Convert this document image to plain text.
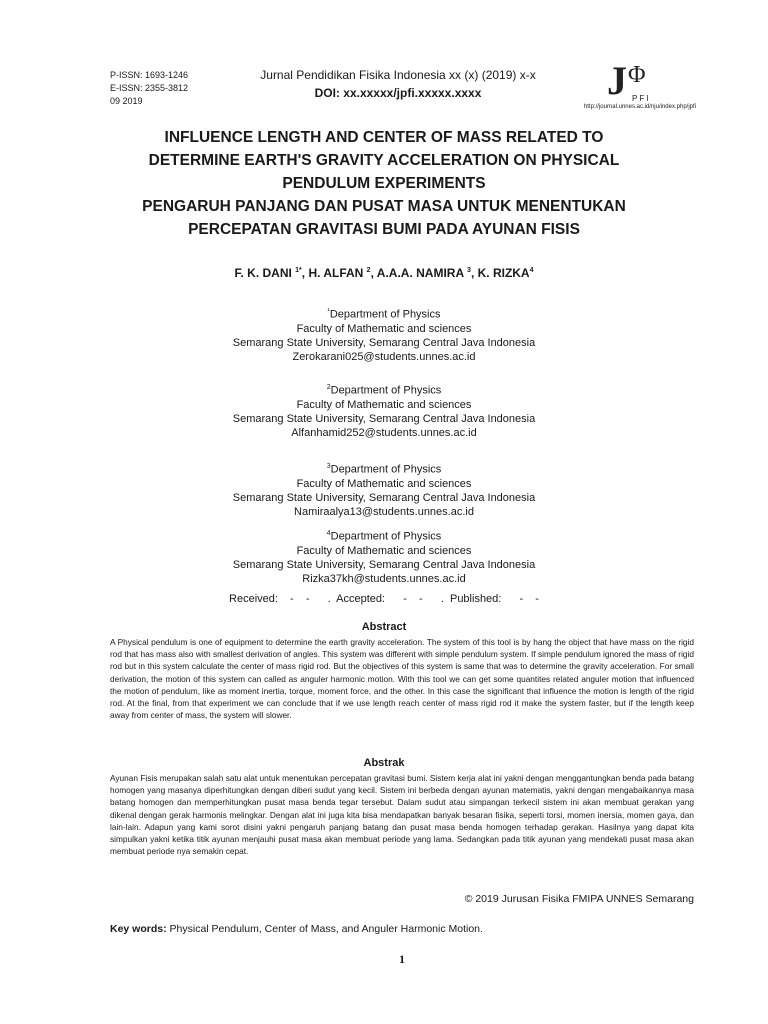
P-ISSN: 1693-1246
E-ISSN: 2355-3812
09 2019
Jurnal Pendidikan Fisika Indonesia xx (x) (2019) x-x
DOI: xx.xxxxx/jpfi.xxxxx.xxxx	J Φ
PFI
http://journal.unnes.ac.id/nju/index.php/jpfi
INFLUENCE LENGTH AND CENTER OF MASS RELATED TO
DETERMINE EARTH'S GRAVITY ACCELERATION ON PHYSICAL
PENDULUM EXPERIMENTS
PENGARUH PANJANG DAN PUSAT MASA UNTUK MENENTUKAN
PERCEPATAN GRAVITASI BUMI PADA AYUNAN FISIS
F. K. DANI $^{1*}$, H. ALFAN $^2$, A.A.A. NAMIRA $^3$, K. RIZKA$^4$
$^{^1}$Department of Physics
Faculty of Mathematic and sciences
Semarang State University, Semarang Central Java Indonesia
Zerokarani025@students.unnes.ac.id
$^2$Department of Physics
Faculty of Mathematic and sciences
Semarang State University, Semarang Central Java Indonesia
Alfanhamid252@students.unnes.ac.id
$^3$Department of Physics
Faculty of Mathematic and sciences
Semarang State University, Semarang Central Java Indonesia
Namiraalya13@students.unnes.ac.id
$^4$Department of Physics
Faculty of Mathematic and sciences
Semarang State University, Semarang Central Java Indonesia
Rizka37kh@students.unnes.ac.id
Received:  -  -   . Accepted:   -  -   . Published:   -  -
Abstract
A Physical pendulum is one of equipment to determine the earth gravity acceleration. The system of this tool is by hang the object that have mass on the rigid rod that has mass also with smallest derivation of angles. This system was different with simple pendulum system. If simple pendulum ignored the mass of rigid rod but in this system calculate the center of mass rigid rod. But the objectives of this system is same that was to determine the gravity acceleration. For small derivation, the motion of this system can called as anguler harmonic motion. With this tool we can get some quantites related anguler motion that influenced the motion of pendulum, like as moment inertia, torque, moment force, and the other. In this case the significant that influence the motion is length of the rigid rod. At the final, from that experiment we can conclude that if we use length reach center of mass rigid rod it make the system faster, but if the length keep away from center of mass, the system will slower.
Abstrak
Ayunan Fisis merupakan salah satu alat untuk menentukan percepatan gravitasi bumi. Sistem kerja alat ini yakni dengan menggantungkan benda pada batang homogen yang masanya diperhitungkan dengan diberi sudut yang kecil. Sistem ini berbeda dengan ayunan matematis, yakni dengan mengabaikannya masa batang homogen dan memperhitungkan pusat masa benda tegar tersebut. Dalam sudut atau simpangan terkecil sistem ini akan membuat gerakan yang dikenal dengan gerak harmonis melingkar. Dengan alat ini juga kita bisa mendapatkan banyak besaran fisika, seperti torsi, momen inersia, momen gaya, dan lain-lain. Adapun yang kami sorot disini yakni pengaruh panjang batang dan pusat masa benda homogen terhadap gerakan. Hasilnya yang dapat kita simpulkan yakni ketika titik ayunan menjauhi pusat masa akan membuat periode yang lama. Sedangkan pada titik ayunan yang mendekati pusat masa akan membuat periode nya semakin cepat.
© 2019 Jurusan Fisika FMIPA UNNES Semarang
Key words: Physical Pendulum, Center of Mass, and Anguler Harmonic Motion.
1
